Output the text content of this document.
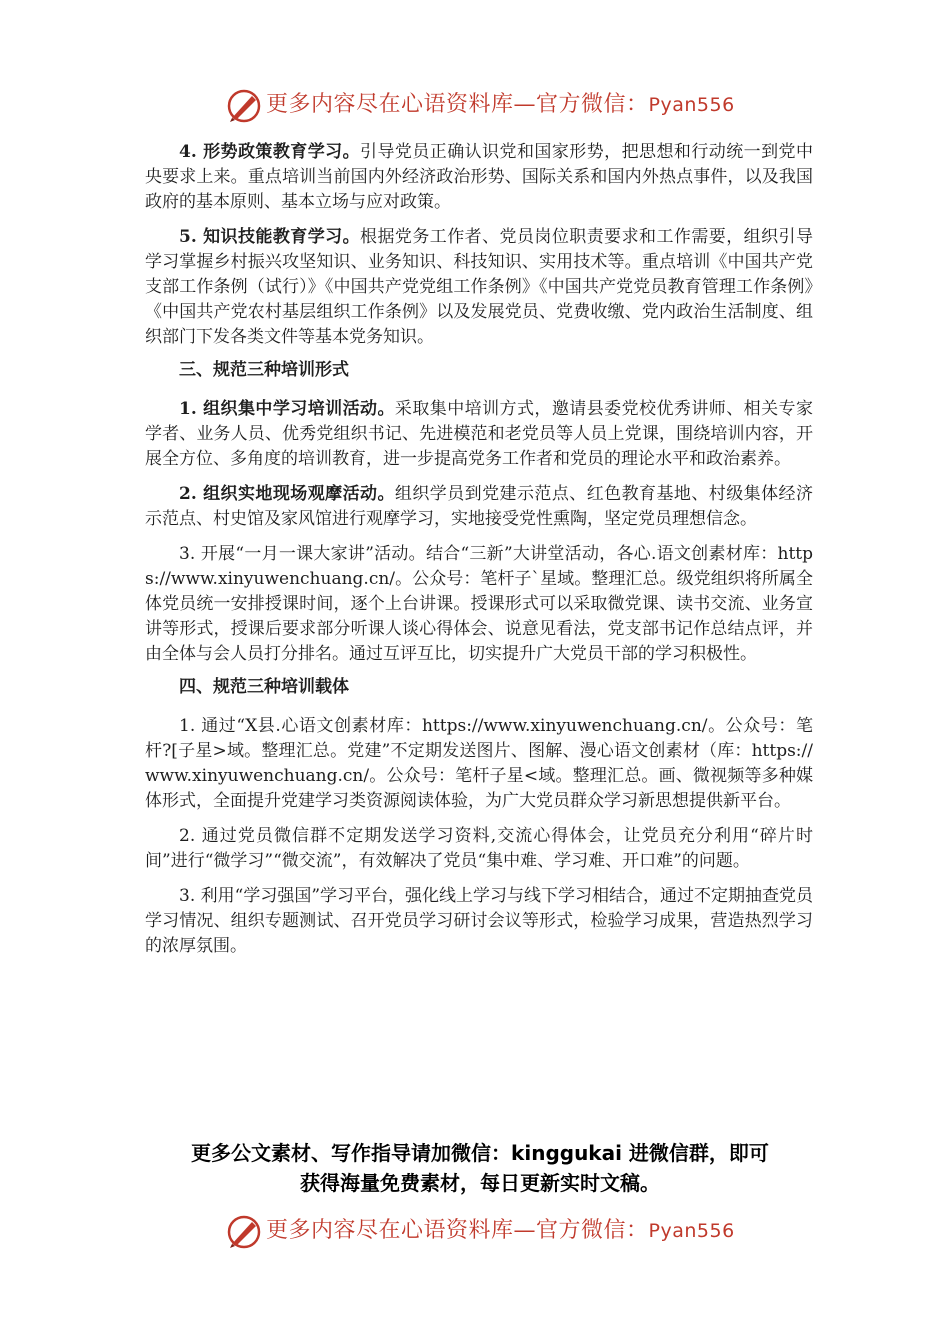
更多内容尽在心语资料库—官方微信：Pyan556

4. 形势政策教育学习。引导党员正确认识党和国家形势，把思想和行动统一到党中央要求上来。重点培训当前国内外经济政治形势、国际关系和国内外热点事件，以及我国政府的基本原则、基本立场与应对政策。

5. 知识技能教育学习。根据党务工作者、党员岗位职责要求和工作需要，组织引导学习掌握乡村振兴攻坚知识、业务知识、科技知识、实用技术等。重点培训《中国共产党支部工作条例（试行）》《中国共产党党组工作条例》《中国共产党党员教育管理工作条例》《中国共产党农村基层组织工作条例》以及发展党员、党费收缴、党内政治生活制度、组织部门下发各类文件等基本党务知识。

三、规范三种培训形式

1. 组织集中学习培训活动。采取集中培训方式，邀请县委党校优秀讲师、相关专家学者、业务人员、优秀党组织书记、先进模范和老党员等人员上党课，围绕培训内容，开展全方位、多角度的培训教育，进一步提高党务工作者和党员的理论水平和政治素养。

2. 组织实地现场观摩活动。组织学员到党建示范点、红色教育基地、村级集体经济示范点、村史馆及家风馆进行观摩学习，实地接受党性熏陶，坚定党员理想信念。

3. 开展“一月一课大家讲”活动。结合“三新”大讲堂活动，各心.语文创素材库：https://www.xinyuwenchuang.cn/。公众号：笔杆子`星域。整理汇总。级党组织将所属全体党员统一安排授课时间，逐个上台讲课。授课形式可以采取微党课、读书交流、业务宣讲等形式，授课后要求部分听课人谈心得体会、说意见看法，党支部书记作总结点评，并由全体与会人员打分排名。通过互评互比，切实提升广大党员干部的学习积极性。

四、规范三种培训载体

1. 通过“X县.心语文创素材库：https://www.xinyuwenchuang.cn/。公众号：笔杆?[子星>域。整理汇总。党建”不定期发送图片、图解、漫心语文创素材（库：https://www.xinyuwenchuang.cn/。公众号：笔杆子星<域。整理汇总。画、微视频等多种媒体形式，全面提升党建学习类资源阅读体验，为广大党员群众学习新思想提供新平台。

2. 通过党员微信群不定期发送学习资料,交流心得体会，让党员充分利用“碎片时间”进行“微学习”“微交流”，有效解决了党员“集中难、学习难、开口难”的问题。

3. 利用“学习强国”学习平台，强化线上学习与线下学习相结合，通过不定期抽查党员学习情况、组织专题测试、召开党员学习研讨会议等形式，检验学习成果，营造热烈学习的浓厚氛围。

更多公文素材、写作指导请加微信：kinggukai 进微信群，即可
获得海量免费素材，每日更新实时文稿。
更多内容尽在心语资料库—官方微信：Pyan556
